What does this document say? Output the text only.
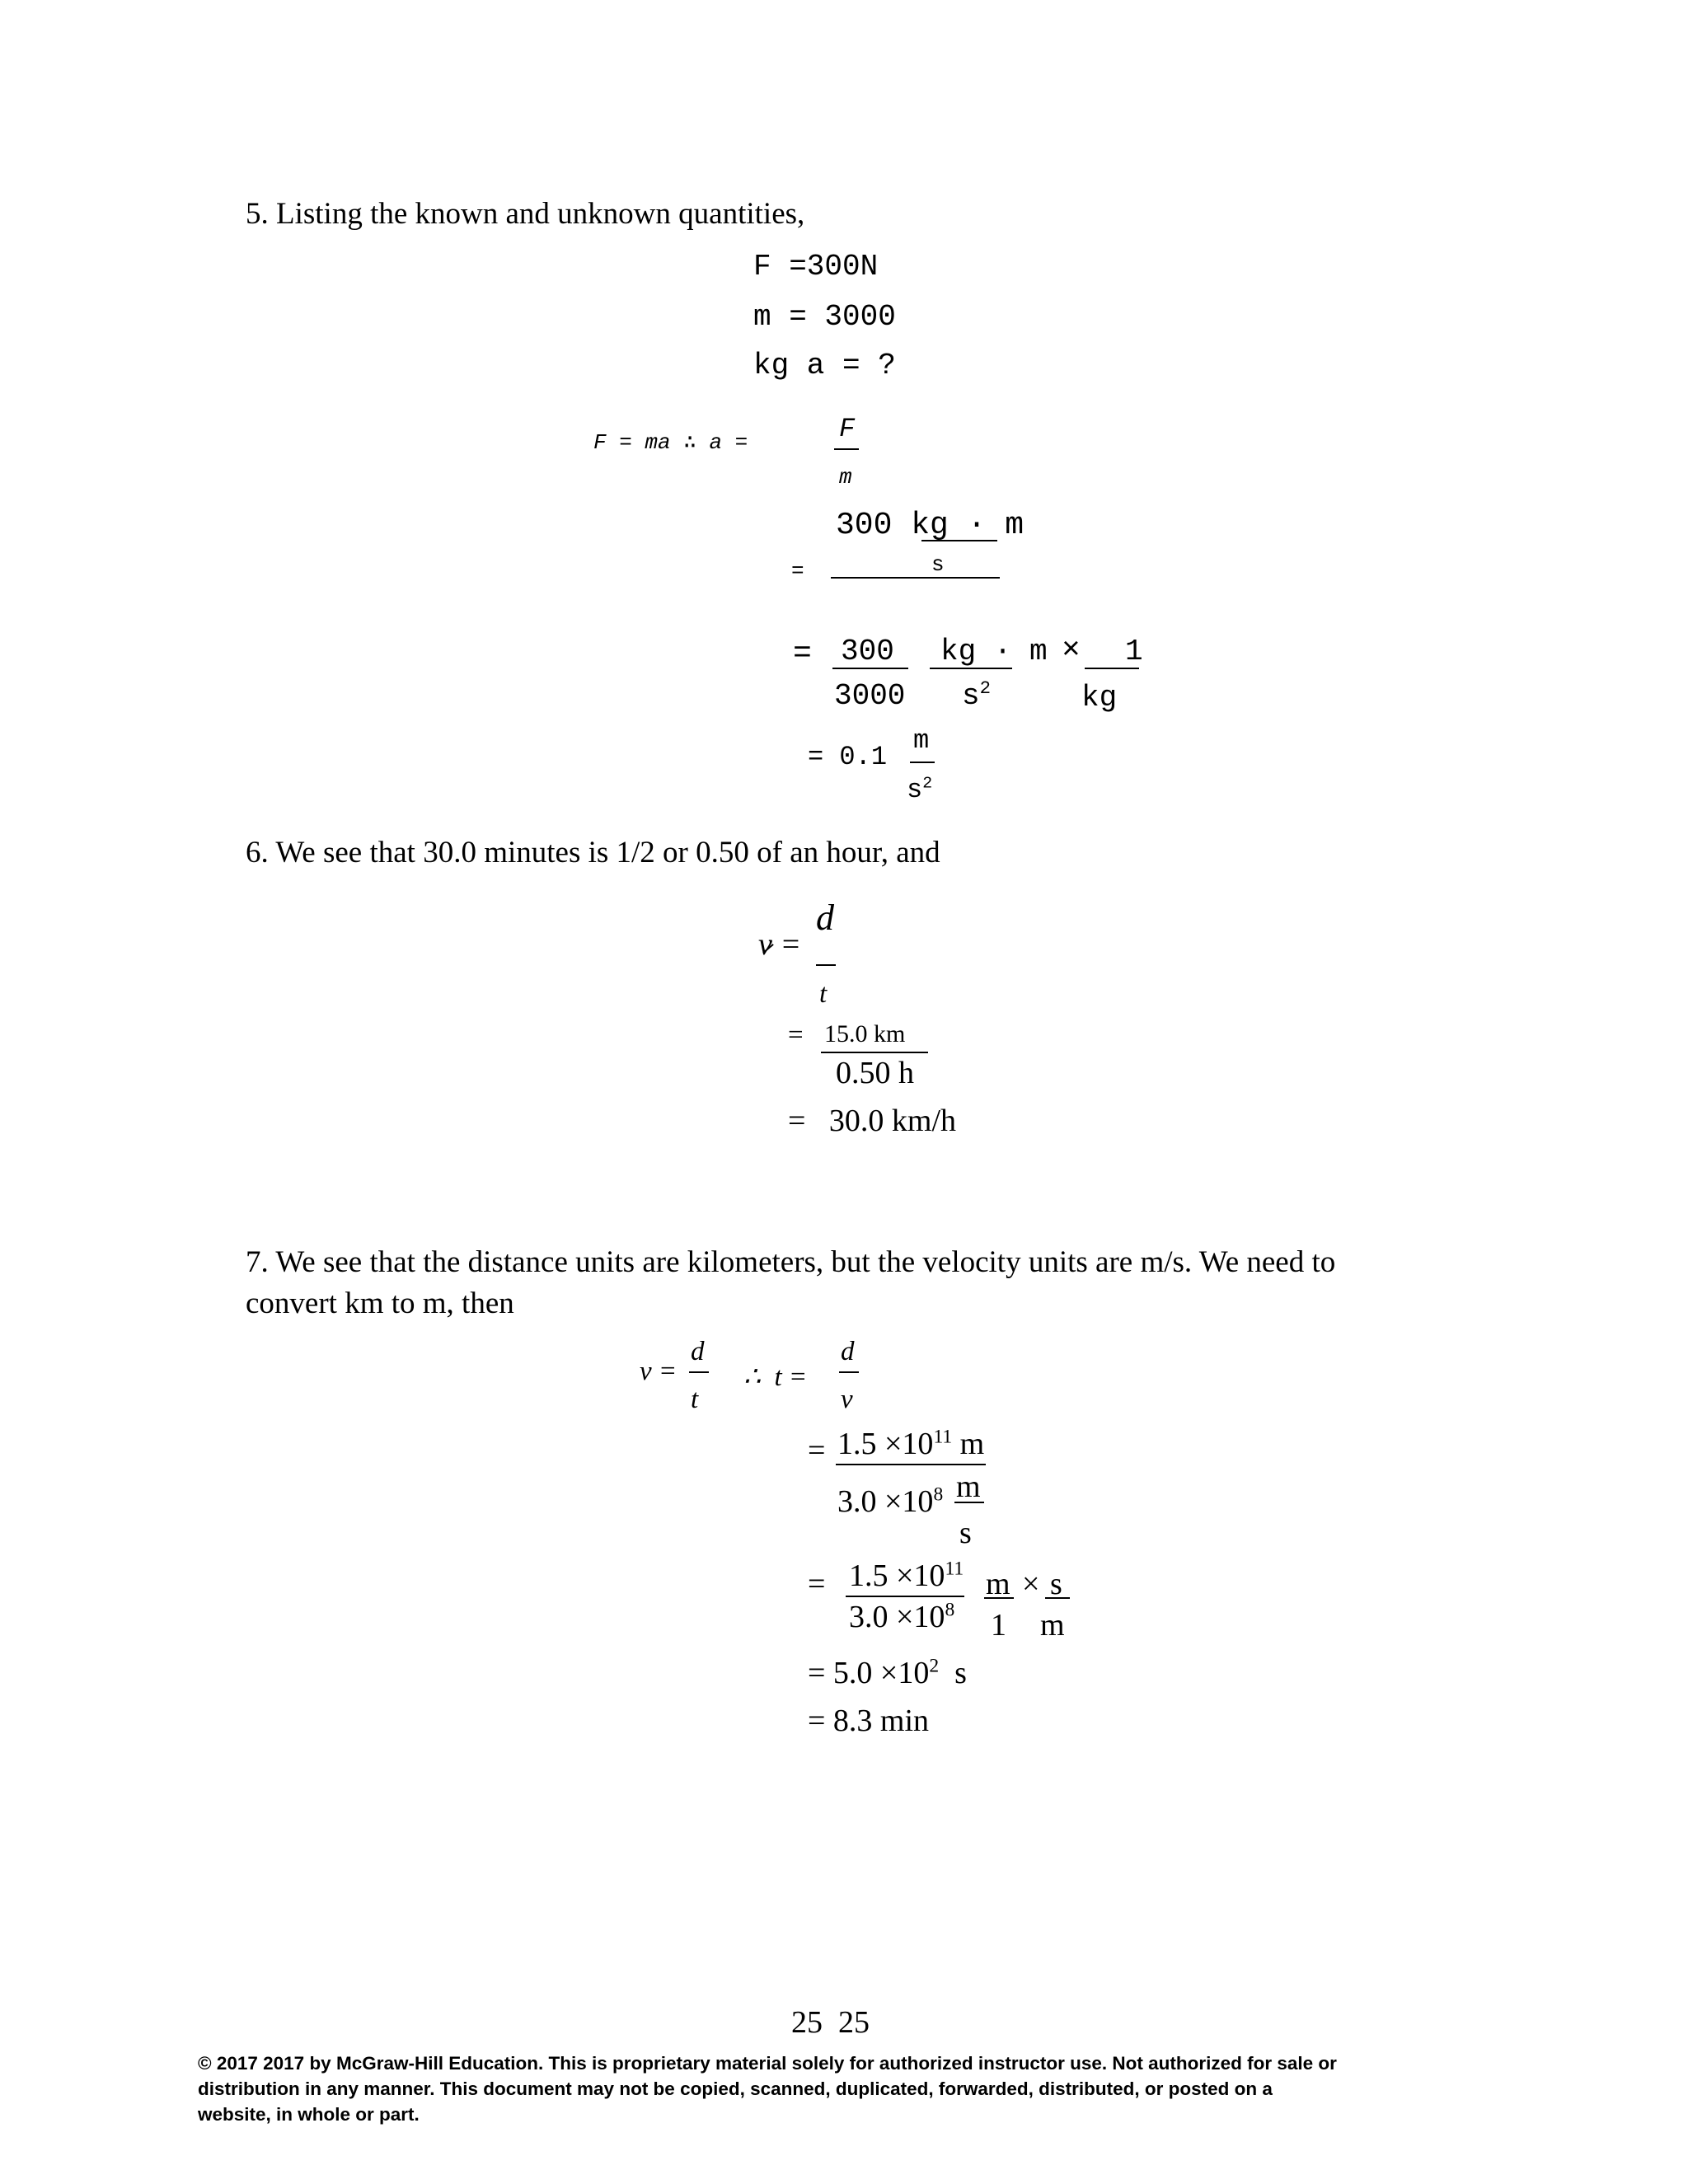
5. Listing the known and unknown quantities,
F =300N
m = 3000
kg a = ?
F = ma ∴ a =	F
m
300 kg · m
=	s
= 300
3000
kg · m
$s^2$
× 1
kg
= 0.1
m
$s^2$
6. We see that 30.0 minutes is 1/2 or 0.50 of an hour, and
v =
d
t
= 15.0 km
0.50 h
=   30.0 km/h
7. We see that the distance units are kilometers, but the velocity units are m/s. We need to
convert km to m, then
v =
d
t
∴  t =
d
v
= $1.5 \times 10^{11}$ m
$3.0 \times 10^8$ m
s
= $1.5 \times 10^{11}$
$3.0 \times 10^8$
m
1
× s
m
= $5.0 \times 10^2$ s
= 8.3 min
25  25
© 2017 2017 by McGraw-Hill Education. This is proprietary material solely for authorized instructor use. Not authorized for sale or
distribution in any manner. This document may not be copied, scanned, duplicated, forwarded, distributed, or posted on a
website, in whole or part.
